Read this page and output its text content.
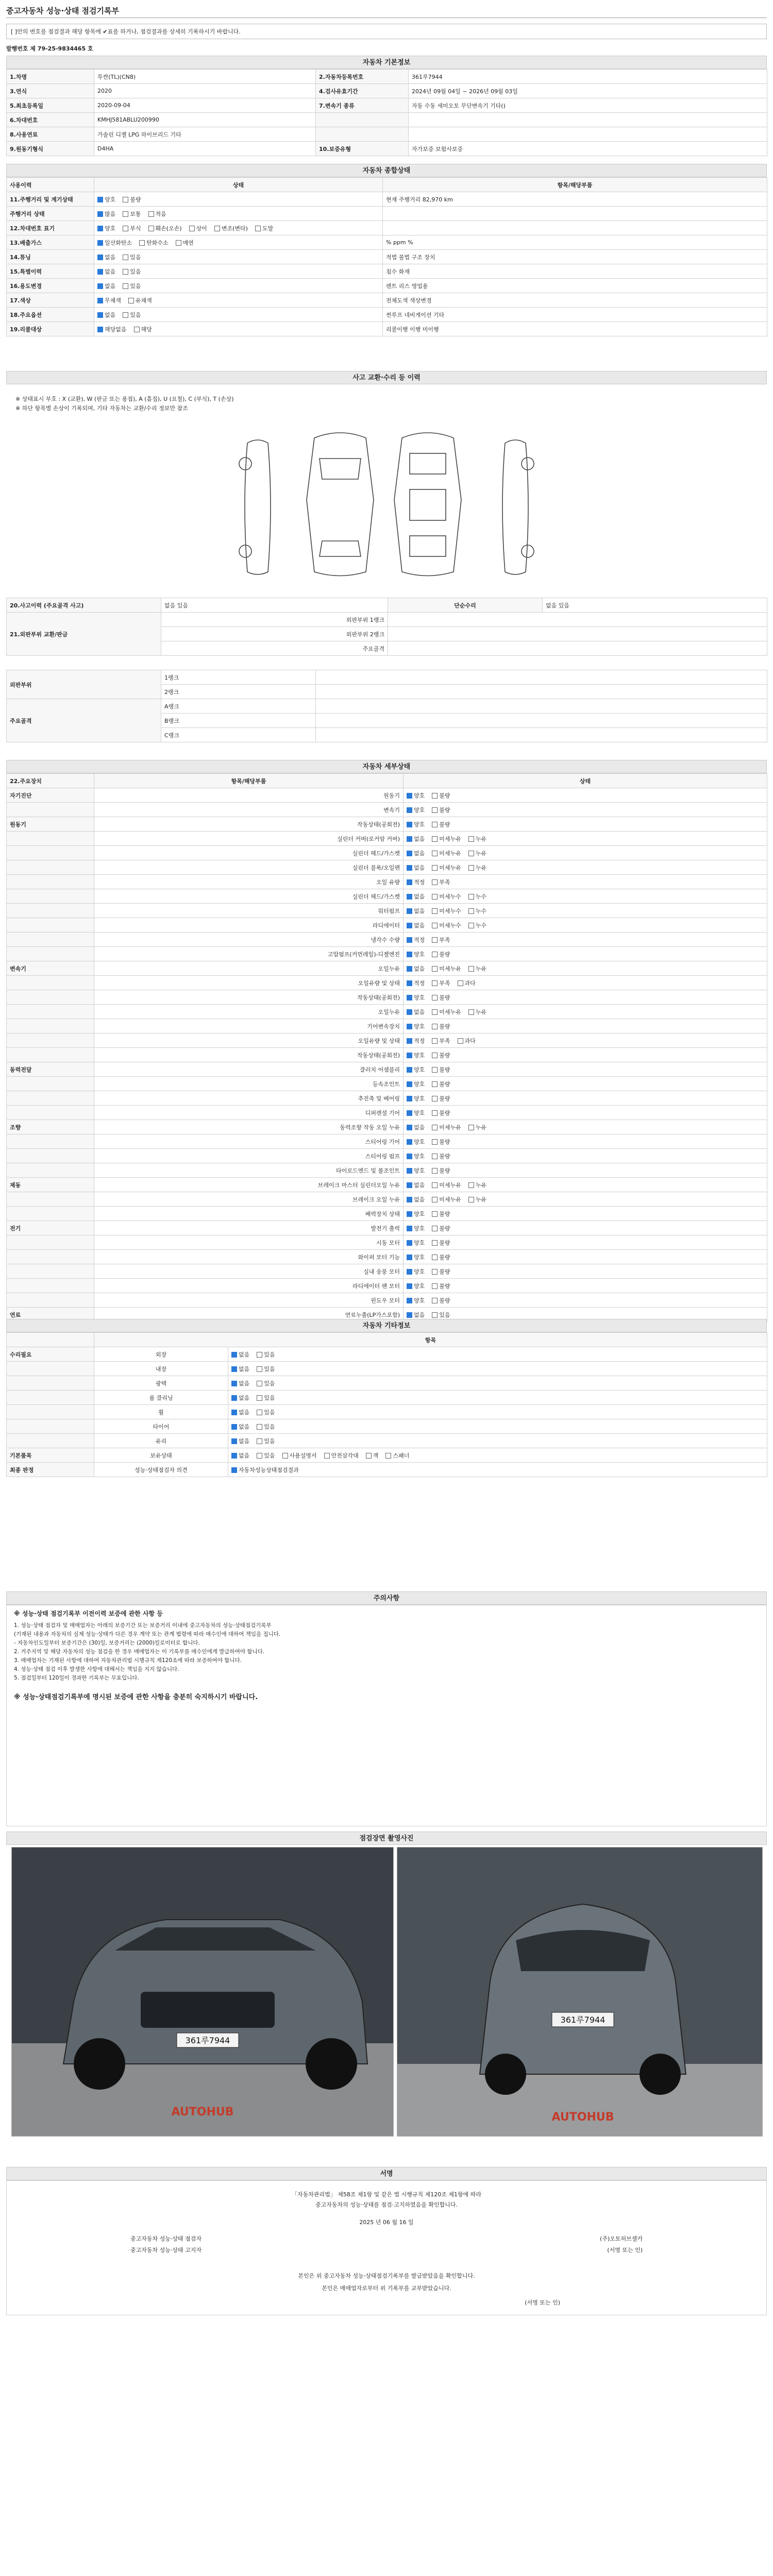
중고자동차 성능·상태 점검기록부
[ ]안의 번호를 점검결과 해당 항목에 ✔표를 하거나, 점검결과를 상세히 기록하시기 바랍니다.
발행번호 제 79-25-9834465 호
자동차 기본정보
1.차명	투싼(TL)(CN8)	2.자동차등록번호	361루7944
3.연식	2020	4.검사유효기간	2024년 09월 04일 ~ 2026년 09월 03일
5.최초등록일	2020-09-04	7.변속기 종류	자동 수동 세미오토 무단변속기 기타()
6.차대번호	KMHJ581ABLU200990		
8.사용연료	가솔린 디젤 LPG 하이브리드 기타		
9.원동기형식	D4HA	10.보증유형	자가보증 보험사보증
자동차 종합상태
사용이력	상태	항목/해당부품
11.주행거리 및 계기상태	양호 불량	현재 주행거리 82,970 km
주행거리 상태	많음 보통 적음	
12.차대번호 표기	양호 부식 훼손(오손) 상이 변조(변타) 도말	
13.배출가스	일산화탄소 탄화수소 매연	% ppm %
14.튜닝	없음 있음	적법 불법 구조 장치
15.특별이력	없음 있음	침수 화재
16.용도변경	없음 있음	렌트 리스 영업용
17.색상	무채색 유채색	전체도색 색상변경
18.주요옵션	없음 있음	썬루프 네비게이션 기타
19.리콜대상	해당없음 해당	리콜이행 이행 미이행
사고 교환·수리 등 이력
※ 상태표시 부호 : X (교환), W (판금 또는 용접), A (흠집), U (요철), C (부식), T (손상)
※ 하단 항목별 손상이 기록되며, 기타 자동차는 교환/수리 정보만 참조
20.사고이력 (주요골격 사고)	없음 있음	단순수리	없음 있음
21.외판부위 교환/판금	외판부위 1랭크		
	외판부위 2랭크		
	주요골격		
외판부위	1랭크	
	2랭크	
주요골격	A랭크	
	B랭크	
	C랭크	
자동차 세부상태
22.주요장치	항목/해당부품	상태
자기진단	원동기	양호 불량
	변속기	양호 불량
원동기	작동상태(공회전)	양호 불량
	실린더 커버(로커암 커버)	없음 미세누유 누유
	실린더 헤드/가스켓	없음 미세누유 누유
	실린더 블록/오일팬	없음 미세누유 누유
	오일 유량	적정 부족
	실린더 헤드/가스켓	없음 미세누수 누수
	워터펌프	없음 미세누수 누수
	라디에이터	없음 미세누수 누수
	냉각수 수량	적정 부족
	고압펌프(커먼레일)-디젤엔진	양호 불량
변속기	오일누유	없음 미세누유 누유
	오일유량 및 상태	적정 부족 과다
	작동상태(공회전)	양호 불량
	오일누유	없음 미세누유 누유
	기어변속장치	양호 불량
	오일유량 및 상태	적정 부족 과다
	작동상태(공회전)	양호 불량
동력전달	클러치 어셈블리	양호 불량
	등속조인트	양호 불량
	추진축 및 베어링	양호 불량
	디퍼렌셜 기어	양호 불량
조향	동력조향 작동 오일 누유	없음 미세누유 누유
	스티어링 기어	양호 불량
	스티어링 펌프	양호 불량
	타이로드엔드 및 볼조인트	양호 불량
제동	브레이크 마스터 실린더오일 누유	없음 미세누유 누유
	브레이크 오일 누유	없음 미세누유 누유
	배력장치 상태	양호 불량
전기	발전기 출력	양호 불량
	시동 모터	양호 불량
	와이퍼 모터 기능	양호 불량
	실내 송풍 모터	양호 불량
	라디에이터 팬 모터	양호 불량
	윈도우 모터	양호 불량
연료	연료누출(LP가스포함)	없음 있음
자동차 기타정보
	항목	
수리필요	외장	없음 있음
	내장	없음 있음
	광택	없음 있음
	룸 클리닝	없음 있음
	휠	없음 있음
	타이어	없음 있음
	유리	없음 있음
기본품목	보유상태	없음 있음 사용설명서 안전삼각대 잭 스패너
최종 판정	성능·상태점검자 의견	자동차성능상태점검결과
주의사항

※ 성능·상태 점검기록부 이전이력 보증에 관한 사항 등

1. 성능·상태 점검자 및 매매업자는 아래의 보증기간 또는 보증거리 이내에 중고자동차의 성능·상태점검기록부

(기재된 내용과 자동차의 실제 성능·상태가 다른 경우 계약 또는 관계 법령에 따라 매수인에 대하여 책임을 집니다.

- 자동차인도일부터 보증기간은 (30)일, 보증거리는 (2000)킬로미터로 합니다.

2. 거주지역 및 해당 자동차의 성능 점검을 한 경우 매매업자는 이 기록부를 매수인에게 발급하여야 합니다.

3. 매매업자는 기재된 사항에 대하여 자동차관리법 시행규칙 제120조에 따라 보증하여야 합니다.

4. 성능·상태 점검 이후 발생한 사항에 대해서는 책임을 지지 않습니다.

5. 점검일부터 120일이 경과한 기록부는 무효입니다.

※ 성능·상태점검기록부에 명시된 보증에 관한 사항을 충분히 숙지하시기 바랍니다.

점검장면 촬영사진
361루7944
AUTOHUB
361루7944
AUTOHUB
서명
「자동차관리법」 제58조 제1항 및 같은 법 시행규칙 제120조 제1항에 따라
중고자동차의 성능·상태를 점검·고지하였음을 확인합니다.
2025 년 06 월 16 일
중고자동차 성능·상태 점검자	(주)오토허브셀카
중고자동차 성능·상태 고지자	(서명 또는 인)
본인은 위 중고자동차 성능·상태점검기록부를 발급받았음을 확인합니다.
본인은 매매업자로부터 위 기록부를 교부받았습니다.
(서명 또는 인)
